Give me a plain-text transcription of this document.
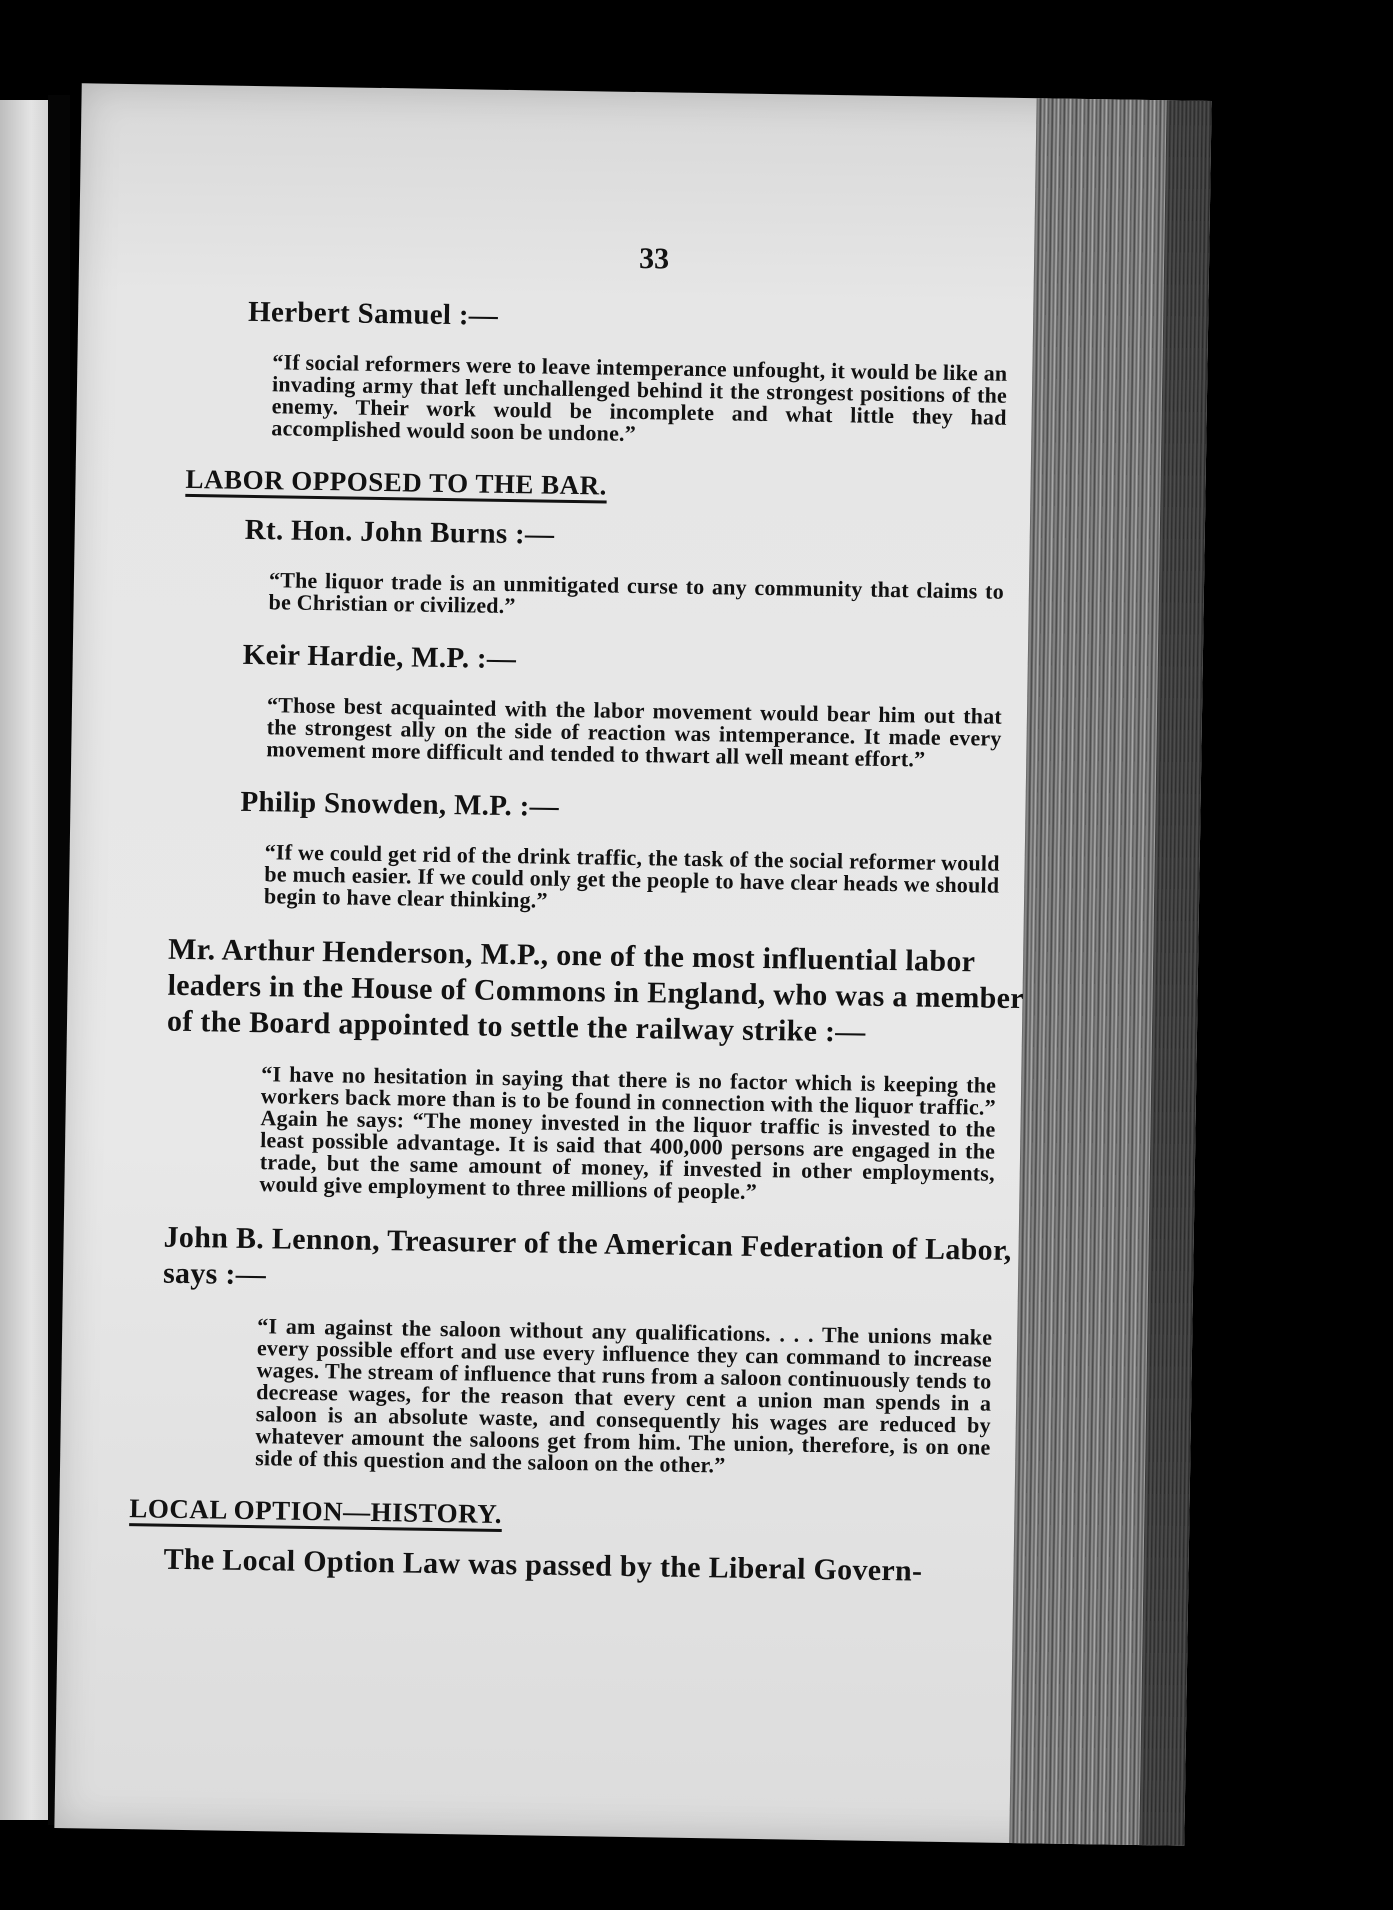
33
Herbert Samuel :—
“If social reformers were to leave intemperance unfought, it would be like an invading army that left unchallenged behind it the strongest positions of the enemy. Their work would be incomplete and what little they had accomplished would soon be undone.”
LABOR OPPOSED TO THE BAR.
Rt. Hon. John Burns :—
“The liquor trade is an unmitigated curse to any community that claims to be Christian or civilized.”
Keir Hardie, M.P. :—
“Those best acquainted with the labor movement would bear him out that the strongest ally on the side of reaction was intemperance. It made every movement more difficult and tended to thwart all well meant effort.”
Philip Snowden, M.P. :—
“If we could get rid of the drink traffic, the task of the social reformer would be much easier. If we could only get the people to have clear heads we should begin to have clear thinking.”
Mr. Arthur Henderson, M.P., one of the most influential labor leaders in the House of Commons in England, who was a member of the Board appointed to settle the railway strike :—
“I have no hesitation in saying that there is no factor which is keeping the workers back more than is to be found in connection with the liquor traffic.” Again he says: “The money invested in the liquor traffic is invested to the least possible advantage. It is said that 400,000 persons are engaged in the trade, but the same amount of money, if invested in other employments, would give employment to three millions of people.”
John B. Lennon, Treasurer of the American Federation of Labor, says :—
“I am against the saloon without any qualifications. . . . The unions make every possible effort and use every influence they can command to increase wages. The stream of influence that runs from a saloon continuously tends to decrease wages, for the reason that every cent a union man spends in a saloon is an absolute waste, and consequently his wages are reduced by whatever amount the saloons get from him. The union, therefore, is on one side of this question and the saloon on the other.”
LOCAL OPTION—HISTORY.
The Local Option Law was passed by the Liberal Govern-
